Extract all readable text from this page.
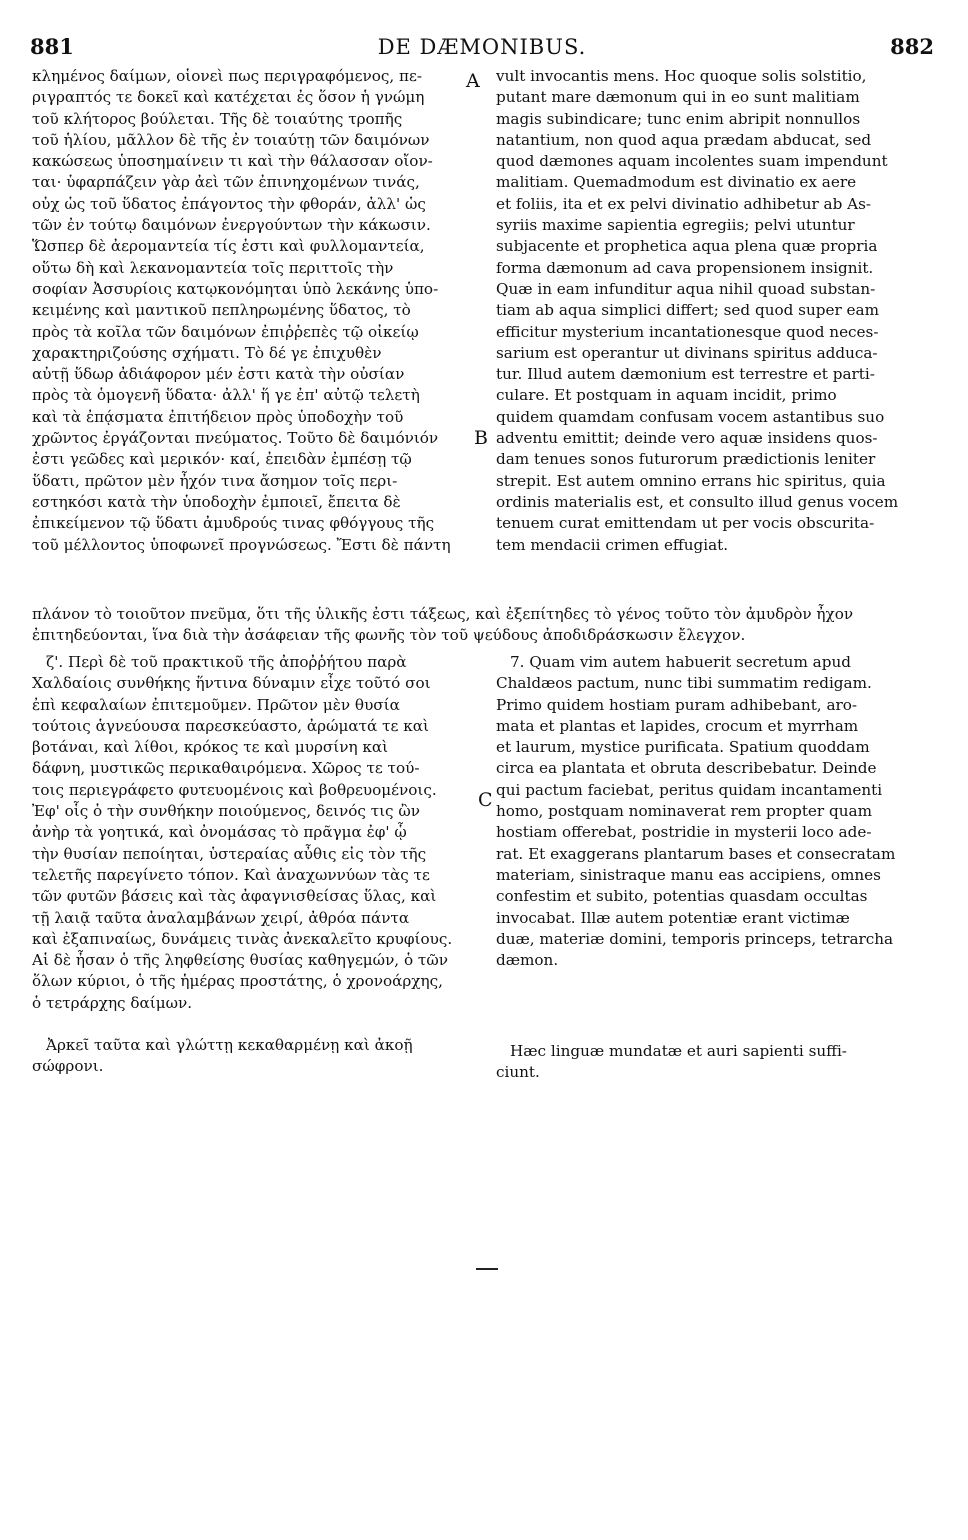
881	DE DÆMONIBUS.	882
κλημένος δαίμων, οἱονεὶ πως περιγραφόμενος, πε-
ριγραπτός τε δοκεῖ καὶ κατέχεται ἐς ὅσον ἡ γνώμη
τοῦ κλήτορος βούλεται. Τῆς δὲ τοιαύτης τροπῆς
τοῦ ἡλίου, μᾶλλον δὲ τῆς ἐν τοιαύτῃ τῶν δαιμόνων
κακώσεως ὑποσημαίνειν τι καὶ τὴν θάλασσαν οἴον-
ται· ὑφαρπάζειν γὰρ ἀεὶ τῶν ἐπινηχομένων τινάς,
οὐχ ὡς τοῦ ὕδατος ἐπάγοντος τὴν φθοράν, ἀλλ' ὡς
τῶν ἐν τούτῳ δαιμόνων ἐνεργούντων τὴν κάκωσιν.
Ὥσπερ δὲ ἀερομαντεία τίς ἐστι καὶ φυλλομαντεία,
οὕτω δὴ καὶ λεκανομαντεία τοῖς περιττοῖς τὴν
σοφίαν Ἀσσυρίοις κατῳκονόμηται ὑπὸ λεκάνης ὑπο-
κειμένης καὶ μαντικοῦ πεπληρωμένης ὕδατος, τὸ
πρὸς τὰ κοῖλα τῶν δαιμόνων ἐπιῤῥεπὲς τῷ οἰκείῳ
χαρακτηριζούσης σχήματι. Τὸ δέ γε ἐπιχυθὲν
αὐτῇ ὕδωρ ἀδιάφορον μέν ἐστι κατὰ τὴν οὐσίαν
πρὸς τὰ ὁμογενῆ ὕδατα· ἀλλ' ἥ γε ἐπ' αὐτῷ τελετὴ
καὶ τὰ ἐπᾴσματα ἐπιτήδειον πρὸς ὑποδοχὴν τοῦ
χρῶντος ἐργάζονται πνεύματος. Τοῦτο δὲ δαιμόνιόν
ἐστι γεῶδες καὶ μερικόν· καί, ἐπειδὰν ἐμπέσῃ τῷ
ὕδατι, πρῶτον μὲν ἦχόν τινα ἄσημον τοῖς περι-
εστηκόσι κατὰ τὴν ὑποδοχὴν ἐμποιεῖ, ἔπειτα δὲ
ἐπικείμενον τῷ ὕδατι ἀμυδρούς τινας φθόγγους τῆς
τοῦ μέλλοντος ὑποφωνεῖ προγνώσεως. Ἔστι δὲ πάντη
vult invocantis mens. Hoc quoque solis solstitio,
putant mare dæmonum qui in eo sunt malitiam
magis subindicare; tunc enim abripit nonnullos
natantium, non quod aqua prædam abducat, sed
quod dæmones aquam incolentes suam impendunt
malitiam. Quemadmodum est divinatio ex aere
et foliis, ita et ex pelvi divinatio adhibetur ab As-
syriis maxime sapientia egregiis; pelvi utuntur
subjacente et prophetica aqua plena quæ propria
forma dæmonum ad cava propensionem insignit.
Quæ in eam infunditur aqua nihil quoad substan-
tiam ab aqua simplici differt; sed quod super eam
efficitur mysterium incantationesque quod neces-
sarium est operantur ut divinans spiritus adduca-
tur. Illud autem dæmonium est terrestre et parti-
culare. Et postquam in aquam incidit, primo
quidem quamdam confusam vocem astantibus suo
adventu emittit; deinde vero aquæ insidens quos-
dam tenues sonos futurorum prædictionis leniter
strepit. Est autem omnino errans hic spiritus, quia
ordinis materialis est, et consulto illud genus vocem
tenuem curat emittendam ut per vocis obscurita-
tem mendacii crimen effugiat.
A
B
C
πλάνον τὸ τοιοῦτον πνεῦμα, ὅτι τῆς ὑλικῆς ἐστι τάξεως, καὶ ἐξεπίτηδες τὸ γένος τοῦτο τὸν ἀμυδρὸν ἦχον
ἐπιτηδεύονται, ἵνα διὰ τὴν ἀσάφειαν τῆς φωνῆς τὸν τοῦ ψεύδους ἀποδιδράσκωσιν ἔλεγχον.
ζ'. Περὶ δὲ τοῦ πρακτικοῦ τῆς ἀποῤῥήτου παρὰ
Χαλδαίοις συνθήκης ἥντινα δύναμιν εἶχε τοῦτό σοι
ἐπὶ κεφαλαίων ἐπιτεμοῦμεν. Πρῶτον μὲν θυσία
τούτοις ἁγνεύουσα παρεσκεύαστο, ἀρώματά τε καὶ
βοτάναι, καὶ λίθοι, κρόκος τε καὶ μυρσίνη καὶ
δάφνη, μυστικῶς περικαθαιρόμενα. Χῶρος τε τού-
τοις περιεγράφετο φυτευομένοις καὶ βοθρευομένοις.
Ἐφ' οἷς ὁ τὴν συνθήκην ποιούμενος, δεινός τις ὢν
ἀνὴρ τὰ γοητικά, καὶ ὀνομάσας τὸ πρᾶγμα ἐφ' ᾧ
τὴν θυσίαν πεποίηται, ὑστεραίας αὖθις εἰς τὸν τῆς
τελετῆς παρεγίνετο τόπον. Καὶ ἀναχωννύων τὰς τε
τῶν φυτῶν βάσεις καὶ τὰς ἀφαγνισθείσας ὕλας, καὶ
τῇ λαιᾷ ταῦτα ἀναλαμβάνων χειρί, ἀθρόα πάντα
καὶ ἐξαπιναίως, δυνάμεις τινὰς ἀνεκαλεῖτο κρυφίους.
Αἱ δὲ ἦσαν ὁ τῆς ληφθείσης θυσίας καθηγεμών, ὁ τῶν
ὅλων κύριοι, ὁ τῆς ἡμέρας προστάτης, ὁ χρονοάρχης,
ὁ τετράρχης δαίμων.
7. Quam vim autem habuerit secretum apud
Chaldæos pactum, nunc tibi summatim redigam.
Primo quidem hostiam puram adhibebant, aro-
mata et plantas et lapides, crocum et myrrham
et laurum, mystice purificata. Spatium quoddam
circa ea plantata et obruta describebatur. Deinde
qui pactum faciebat, peritus quidam incantamenti
homo, postquam nominaverat rem propter quam
hostiam offerebat, postridie in mysterii loco ade-
rat. Et exaggerans plantarum bases et consecratam
materiam, sinistraque manu eas accipiens, omnes
confestim et subito, potentias quasdam occultas
invocabat. Illæ autem potentiæ erant victimæ
duæ, materiæ domini, temporis princeps, tetrarcha
dæmon.
Ἀρκεῖ ταῦτα καὶ γλώττῃ κεκαθαρμένῃ καὶ ἀκοῇ
σώφρονι.
Hæc linguæ mundatæ et auri sapienti suffi-
ciunt.
